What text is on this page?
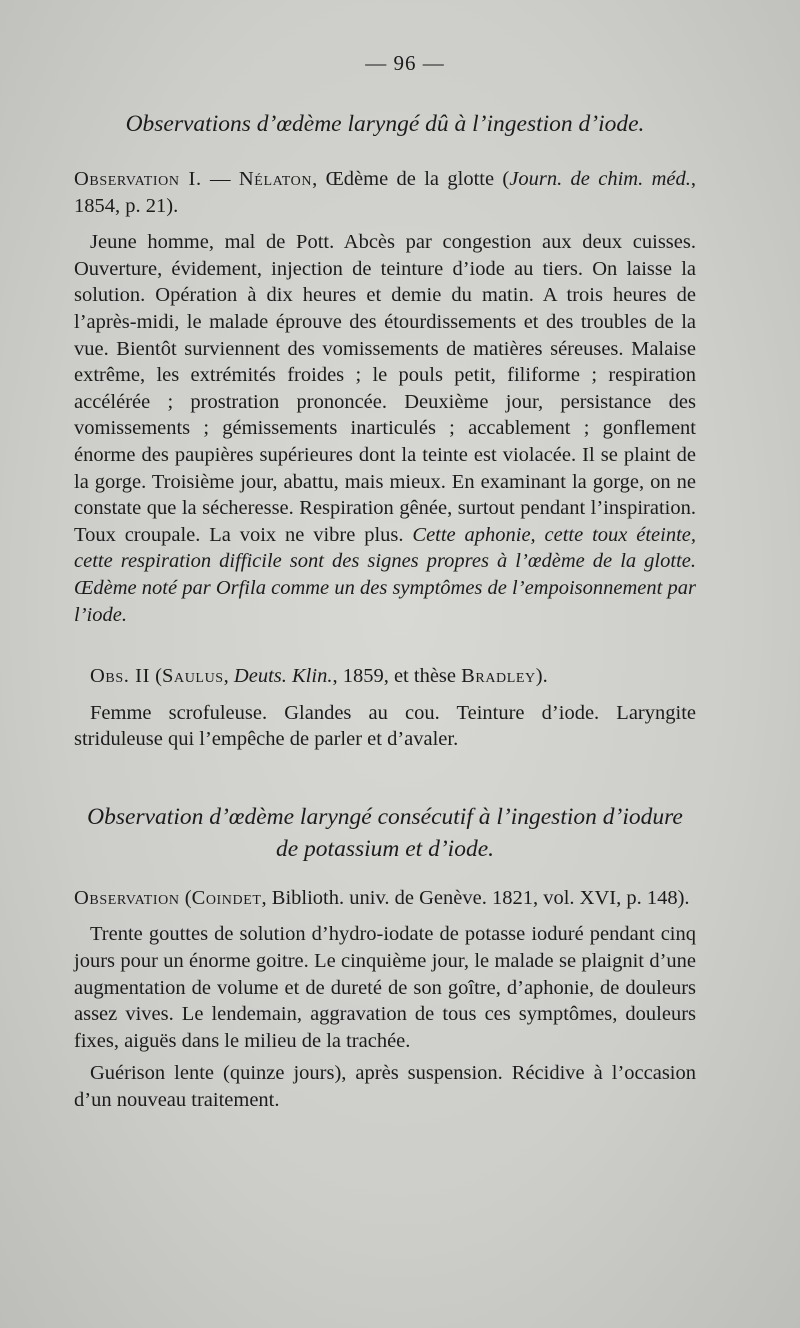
— 96 —
Observations d’œdème laryngé dû à l’ingestion d’iode.

Observation I. — Nélaton, Œdème de la glotte (Journ. de chim. méd., 1854, p. 21).

Jeune homme, mal de Pott. Abcès par congestion aux deux cuisses. Ouverture, évidement, injection de teinture d’iode au tiers. On laisse la solution. Opération à dix heures et demie du matin. A trois heures de l’après-midi, le malade éprouve des étourdissements et des troubles de la vue. Bientôt surviennent des vomissements de matières séreuses. Malaise extrême, les extrémités froides ; le pouls petit, filiforme ; respiration accélérée ; prostration prononcée. Deuxième jour, persistance des vomissements ; gémissements inarticulés ; accablement ; gonflement énorme des paupières supérieures dont la teinte est violacée. Il se plaint de la gorge. Troisième jour, abattu, mais mieux. En examinant la gorge, on ne constate que la sécheresse. Respiration gênée, surtout pendant l’inspiration. Toux croupale. La voix ne vibre plus. Cette aphonie, cette toux éteinte, cette respiration difficile sont des signes propres à l’œdème de la glotte. Œdème noté par Orfila comme un des symptômes de l’empoisonnement par l’iode.

Obs. II (Saulus, Deuts. Klin., 1859, et thèse Bradley).

Femme scrofuleuse. Glandes au cou. Teinture d’iode. Laryngite striduleuse qui l’empêche de parler et d’avaler.

Observation d’œdème laryngé consécutif à l’ingestion d’iodure de potassium et d’iode.

Observation (Coindet, Biblioth. univ. de Genève. 1821, vol. XVI, p. 148).

Trente gouttes de solution d’hydro-iodate de potasse ioduré pendant cinq jours pour un énorme goitre. Le cinquième jour, le malade se plaignit d’une augmentation de volume et de dureté de son goître, d’aphonie, de douleurs assez vives. Le lendemain, aggravation de tous ces symptômes, douleurs fixes, aiguës dans le milieu de la trachée.

Guérison lente (quinze jours), après suspension. Récidive à l’occasion d’un nouveau traitement.
